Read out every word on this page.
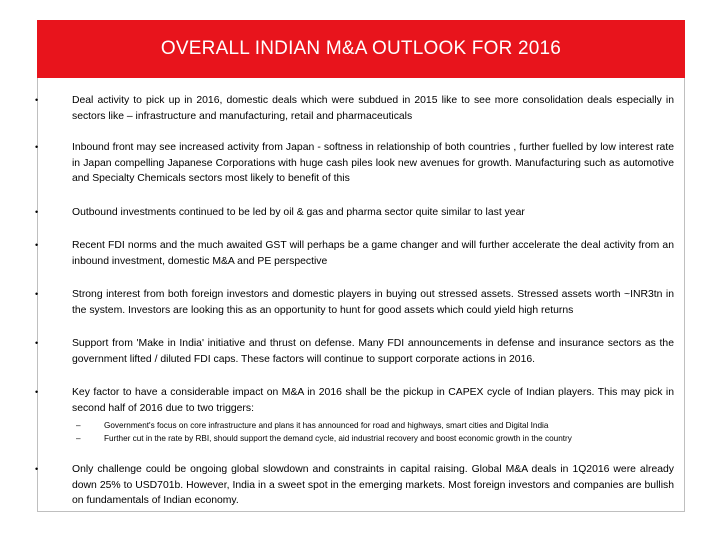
OVERALL INDIAN M&A OUTLOOK FOR 2016
•	Deal activity to pick up in 2016, domestic deals which were subdued in 2015 like to see more consolidation deals especially in sectors like – infrastructure and manufacturing, retail and pharmaceuticals
•	Inbound front may see increased activity from Japan - softness in relationship of both countries , further fuelled by low interest rate in Japan compelling Japanese Corporations with huge cash piles look new avenues for growth. Manufacturing such as automotive and Specialty Chemicals sectors most likely to benefit of this
•	Outbound investments continued to be led by oil & gas and pharma sector quite similar to last year
•	Recent FDI norms and the much awaited GST will perhaps be a game changer and will further accelerate the deal activity from an inbound investment, domestic M&A and PE perspective
•	Strong interest from both foreign investors and domestic players in buying out stressed assets. Stressed assets worth ~INR3tn in the system. Investors are looking this as an opportunity to hunt for good assets which could yield high returns
•	Support from 'Make in India' initiative and thrust on defense. Many FDI announcements in defense and insurance sectors as the government lifted / diluted FDI caps. These factors will continue to support corporate actions in 2016.
•	Key factor to have a considerable impact on M&A in 2016 shall be the pickup in CAPEX cycle of Indian players. This may pick in second half of 2016 due to two triggers:
–	Government's focus on core infrastructure and plans it has announced for road and highways, smart cities and Digital India
–	Further cut in the rate by RBI, should support the demand cycle, aid industrial recovery and boost economic growth in the country
•	Only challenge could be ongoing global slowdown and constraints in capital raising. Global M&A deals in 1Q2016 were already down 25% to USD701b. However, India in a sweet spot in the emerging markets. Most foreign investors and companies are bullish on fundamentals of Indian economy.
